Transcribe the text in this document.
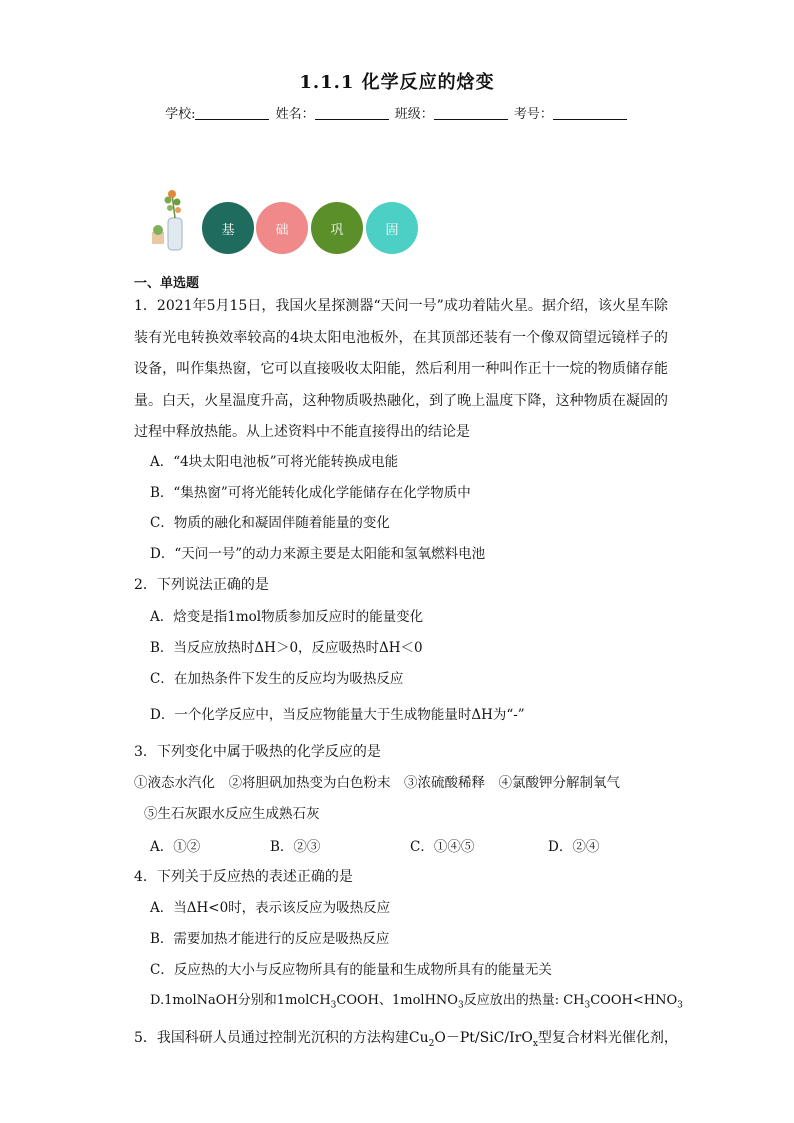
1.1.1 化学反应的焓变
学校:	姓名：	班级：	考号：
基	础	巩	固
一、单选题
1．2021年5月15日，我国火星探测器“天问一号”成功着陆火星。据介绍，该火星车除装有光电转换效率较高的4块太阳电池板外，在其顶部还装有一个像双筒望远镜样子的设备，叫作集热窗，它可以直接吸收太阳能，然后利用一种叫作正十一烷的物质储存能量。白天，火星温度升高，这种物质吸热融化，到了晚上温度下降，这种物质在凝固的过程中释放热能。从上述资料中不能直接得出的结论是
A．“4块太阳电池板”可将光能转换成电能
B．“集热窗”可将光能转化成化学能储存在化学物质中
C．物质的融化和凝固伴随着能量的变化
D．“天问一号”的动力来源主要是太阳能和氢氧燃料电池
2．下列说法正确的是
A．焓变是指1mol物质参加反应时的能量变化
B．当反应放热时ΔH＞0，反应吸热时ΔH＜0
C．在加热条件下发生的反应均为吸热反应
D．一个化学反应中，当反应物能量大于生成物能量时ΔH为“-”
3．下列变化中属于吸热的化学反应的是
①液态水汽化　②将胆矾加热变为白色粉末　③浓硫酸稀释　④氯酸钾分解制氧气
⑤生石灰跟水反应生成熟石灰
A．①②	B．②③	C．①④⑤	D．②④
4．下列关于反应热的表述正确的是
A．当ΔH<0时，表示该反应为吸热反应
B．需要加热才能进行的反应是吸热反应
C．反应热的大小与反应物所具有的能量和生成物所具有的能量无关
D.1molNaOH分别和1molCH$_3$COOH、1molHNO$_3$反应放出的热量: $CH_3COOH<HNO_3$
5．我国科研人员通过控制光沉积的方法构建$Cu_2O-Pt/SiC/IrO_x$型复合材料光催化剂，
